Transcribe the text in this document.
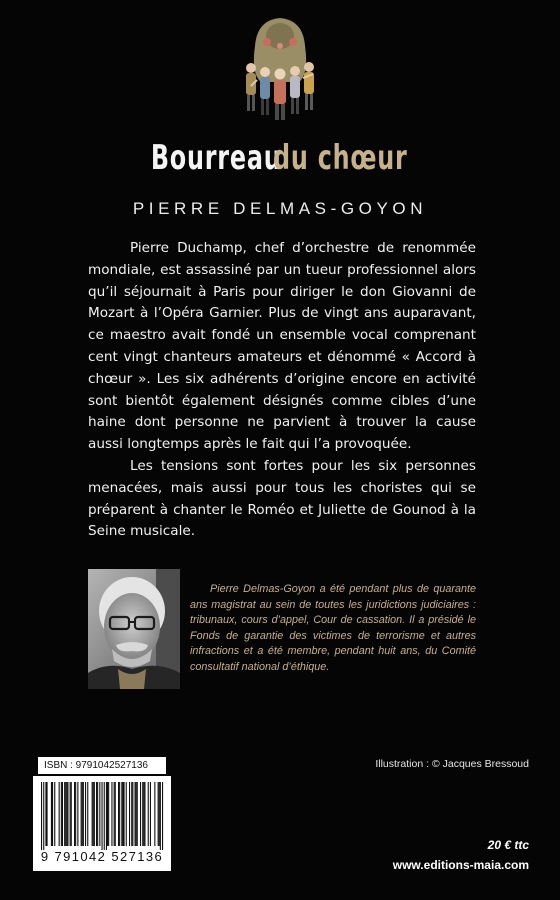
Bourreau du chœur
PIERRE DELMAS-GOYON

Pierre Duchamp, chef d’orchestre de renommée mondiale, est assassiné par un tueur professionnel alors qu’il séjournait à Paris pour diriger le don Giovanni de Mozart à l’Opéra Garnier. Plus de vingt ans auparavant, ce maestro avait fondé un ensemble vocal comprenant cent vingt chanteurs amateurs et dénommé « Accord à chœur ». Les six adhérents d’origine encore en activité sont bientôt également désignés comme cibles d’une haine dont personne ne parvient à trouver la cause aussi longtemps après le fait qui l’a provoquée.

Les tensions sont fortes pour les six personnes menacées, mais aussi pour tous les choristes qui se préparent à chanter le Roméo et Juliette de Gounod à la Seine musicale.

Pierre Delmas-Goyon a été pendant plus de quarante ans magistrat au sein de toutes les juridictions judiciaires : tribunaux, cours d’appel, Cour de cassation. Il a présidé le Fonds de garantie des victimes de terrorisme et autres infractions et a été membre, pendant huit ans, du Comité consultatif national d’éthique.
Illustration : © Jacques Bressoud
ISBN : 9791042527136
9 791042 527136
20 € ttc
www.editions-maia.com
